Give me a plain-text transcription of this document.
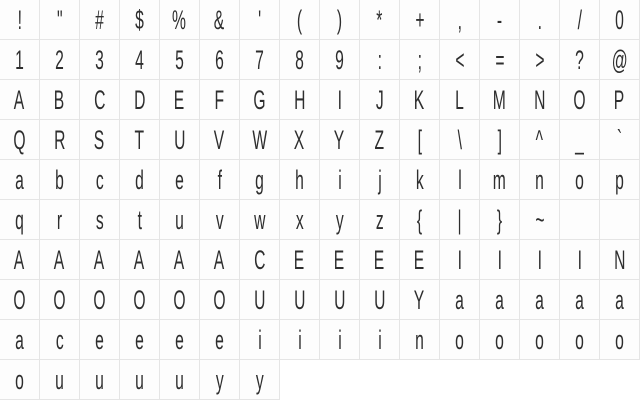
!	"	#	$	%	&	'	(	)	*	+	,	-	.	/	0
1	2	3	4	5	6	7	8	9	:	;	<	=	>	?	@
A	B	C	D	E	F	G	H	I	J	K	L	M	N	O	P
Q	R	S	T	U	V	W	X	Y	Z	[	\	]	^	_	`
a	b	c	d	e	f	g	h	i	j	k	l	m	n	o	p
q	r	s	t	u	v	w	x	y	z	{	|	}	~
A	A	A	A	A	A	C	E	E	E	E	I	I	I	I	N
O	O	O	O	O	O	U	U	U	U	Y	a	a	a	a	a
a	c	e	e	e	e	i	i	i	i	n	o	o	o	o	o
o	u	u	u	u	y	y
